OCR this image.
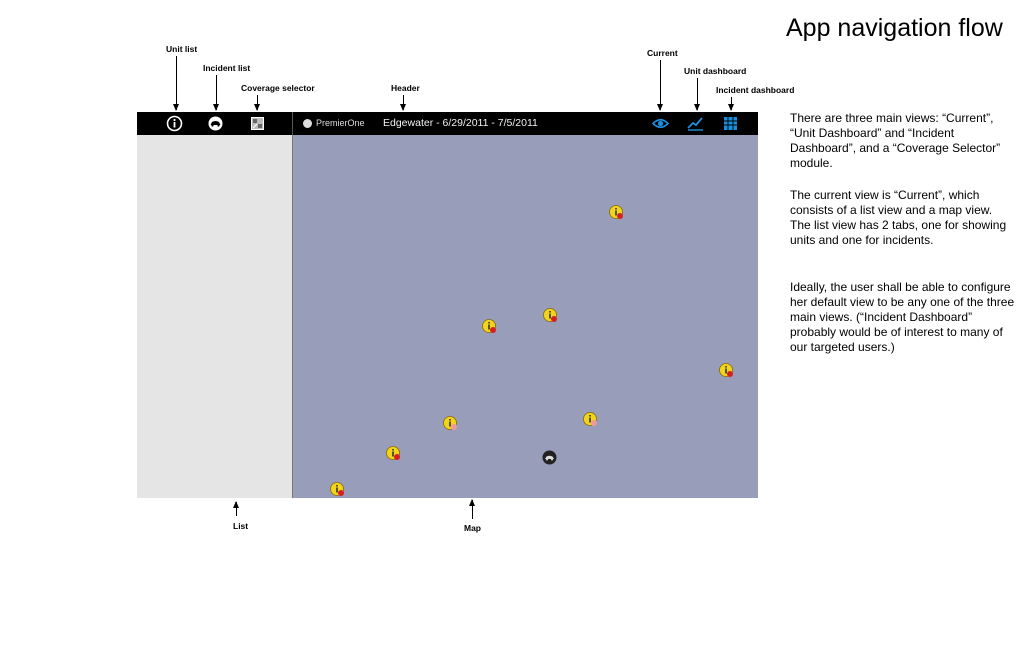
App navigation flow
Unit list
Incident list
Coverage selector	Header
Current
Unit dashboard
Incident dashboard
PremierOne Edgewater - 6/29/2011 - 7/5/2011
List	Map

There are three main views: “Current”, “Unit Dashboard” and “Incident Dashboard”, and a “Coverage Selector” module.

The current view is “Current”, which consists of a list view and a map view. The list view has 2 tabs, one for showing units and one for incidents.

Ideally, the user shall be able to configure her default view to be any one of the three main views. (“Incident Dashboard” probably would be of interest to many of our targeted users.)
